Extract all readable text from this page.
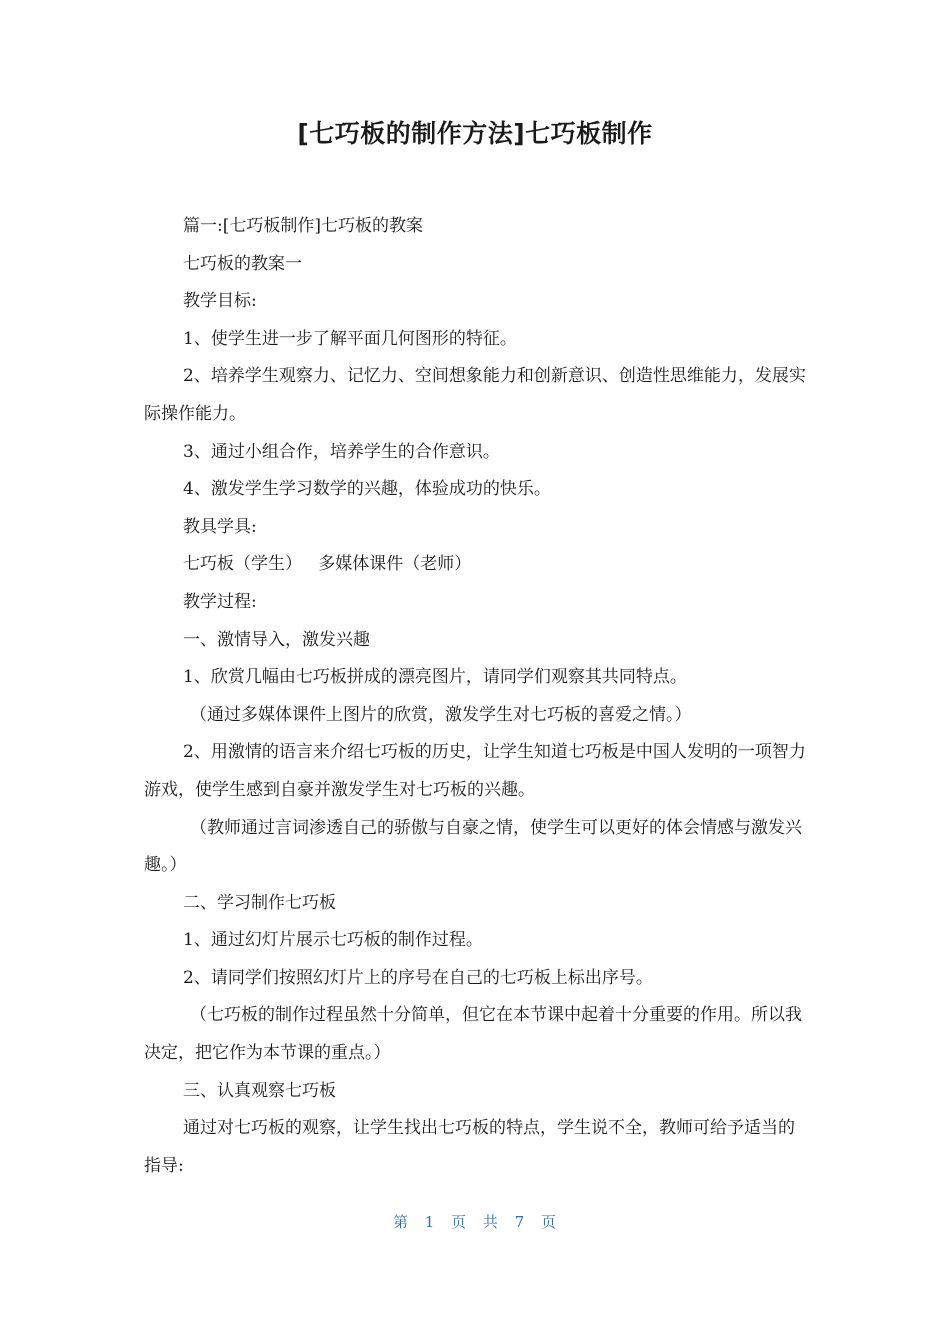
[七巧板的制作方法]七巧板制作

篇一:[七巧板制作]七巧板的教案

七巧板的教案一

教学目标:

1、使学生进一步了解平面几何图形的特征。

2、培养学生观察力、记忆力、空间想象能力和创新意识、创造性思维能力，发展实际操作能力。

3、通过小组合作，培养学生的合作意识。

4、激发学生学习数学的兴趣，体验成功的快乐。

教具学具:

七巧板（学生）   多媒体课件（老师）

教学过程:

一、激情导入，激发兴趣

1、欣赏几幅由七巧板拼成的漂亮图片，请同学们观察其共同特点。

（通过多媒体课件上图片的欣赏，激发学生对七巧板的喜爱之情。）

2、用激情的语言来介绍七巧板的历史，让学生知道七巧板是中国人发明的一项智力游戏，使学生感到自豪并激发学生对七巧板的兴趣。

（教师通过言词渗透自己的骄傲与自豪之情，使学生可以更好的体会情感与激发兴趣。）

二、学习制作七巧板

1、通过幻灯片展示七巧板的制作过程。

2、请同学们按照幻灯片上的序号在自己的七巧板上标出序号。

（七巧板的制作过程虽然十分简单，但它在本节课中起着十分重要的作用。所以我决定，把它作为本节课的重点。）

三、认真观察七巧板

通过对七巧板的观察，让学生找出七巧板的特点，学生说不全，教师可给予适当的指导:

第 1 页 共 7 页
